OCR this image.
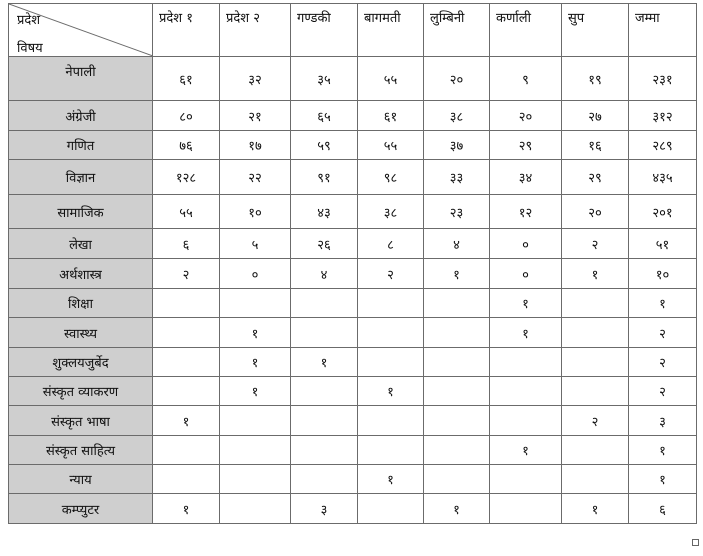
प्रदेश
विषय	प्रदेश १	प्रदेश २	गण्डकी	बागमती	लुम्बिनी	कर्णाली	सुप	जम्मा
नेपाली	६१	३२	३५	५५	२०	९	१९	२३१
अंग्रेजी	८०	२१	६५	६१	३८	२०	२७	३१२
गणित	७६	१७	५९	५५	३७	२९	१६	२८९
विज्ञान	१२८	२२	९१	९८	३३	३४	२९	४३५
सामाजिक	५५	१०	४३	३८	२३	१२	२०	२०१
लेखा	६	५	२६	८	४	०	२	५१
अर्थशास्त्र	२	०	४	२	१	०	१	१०
शिक्षा						१		१
स्वास्थ्य		१				१		२
शुक्लयजुर्बेद		१	१					२
संस्कृत व्याकरण		१		१				२
संस्कृत भाषा	१						२	३
संस्कृत साहित्य						१		१
न्याय				१				१
कम्प्युटर	१		३		१		१	६
